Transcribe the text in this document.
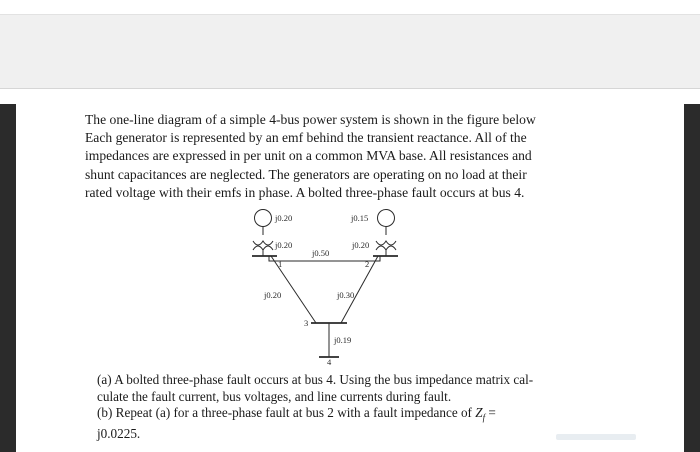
The one-line diagram of a simple 4-bus power system is shown in the figure below
Each generator is represented by an emf behind the transient reactance. All of the
impedances are expressed in per unit on a common MVA base. All resistances and
shunt capacitances are neglected. The generators are operating on no load at their
rated voltage with their emfs in phase. A bolted three-phase fault occurs at bus 4.

j0.20	j0.15
j0.20	j0.20
j0.50
j0.20	j0.30
j0.19
1	2
3
4

(a) A bolted three-phase fault occurs at bus 4. Using the bus impedance matrix cal-
culate the fault current, bus voltages, and line currents during fault.
(b) Repeat (a) for a three-phase fault at bus 2 with a fault impedance of $Z_f$ =
j0.0225.
